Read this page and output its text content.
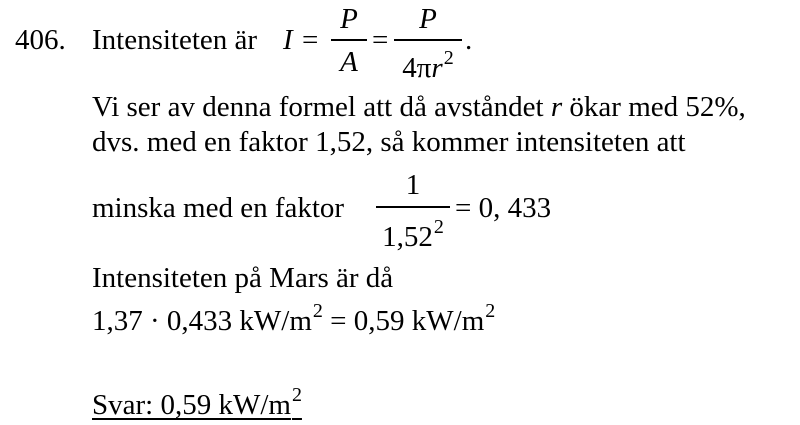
406. Intensiteten är I =
P
A
=
P
$4\pi r^2$
.
Vi ser av denna formel att då avståndet r ökar med 52%,
dvs. med en faktor 1,52, så kommer intensiteten att
minska med en faktor
1
$1,52^2$
= 0, 433
Intensiteten på Mars är då
1,37 · 0,433 $kW/m^2 = 0,59$ $kW/m^2$
Svar: 0,59 $kW/m^2$
